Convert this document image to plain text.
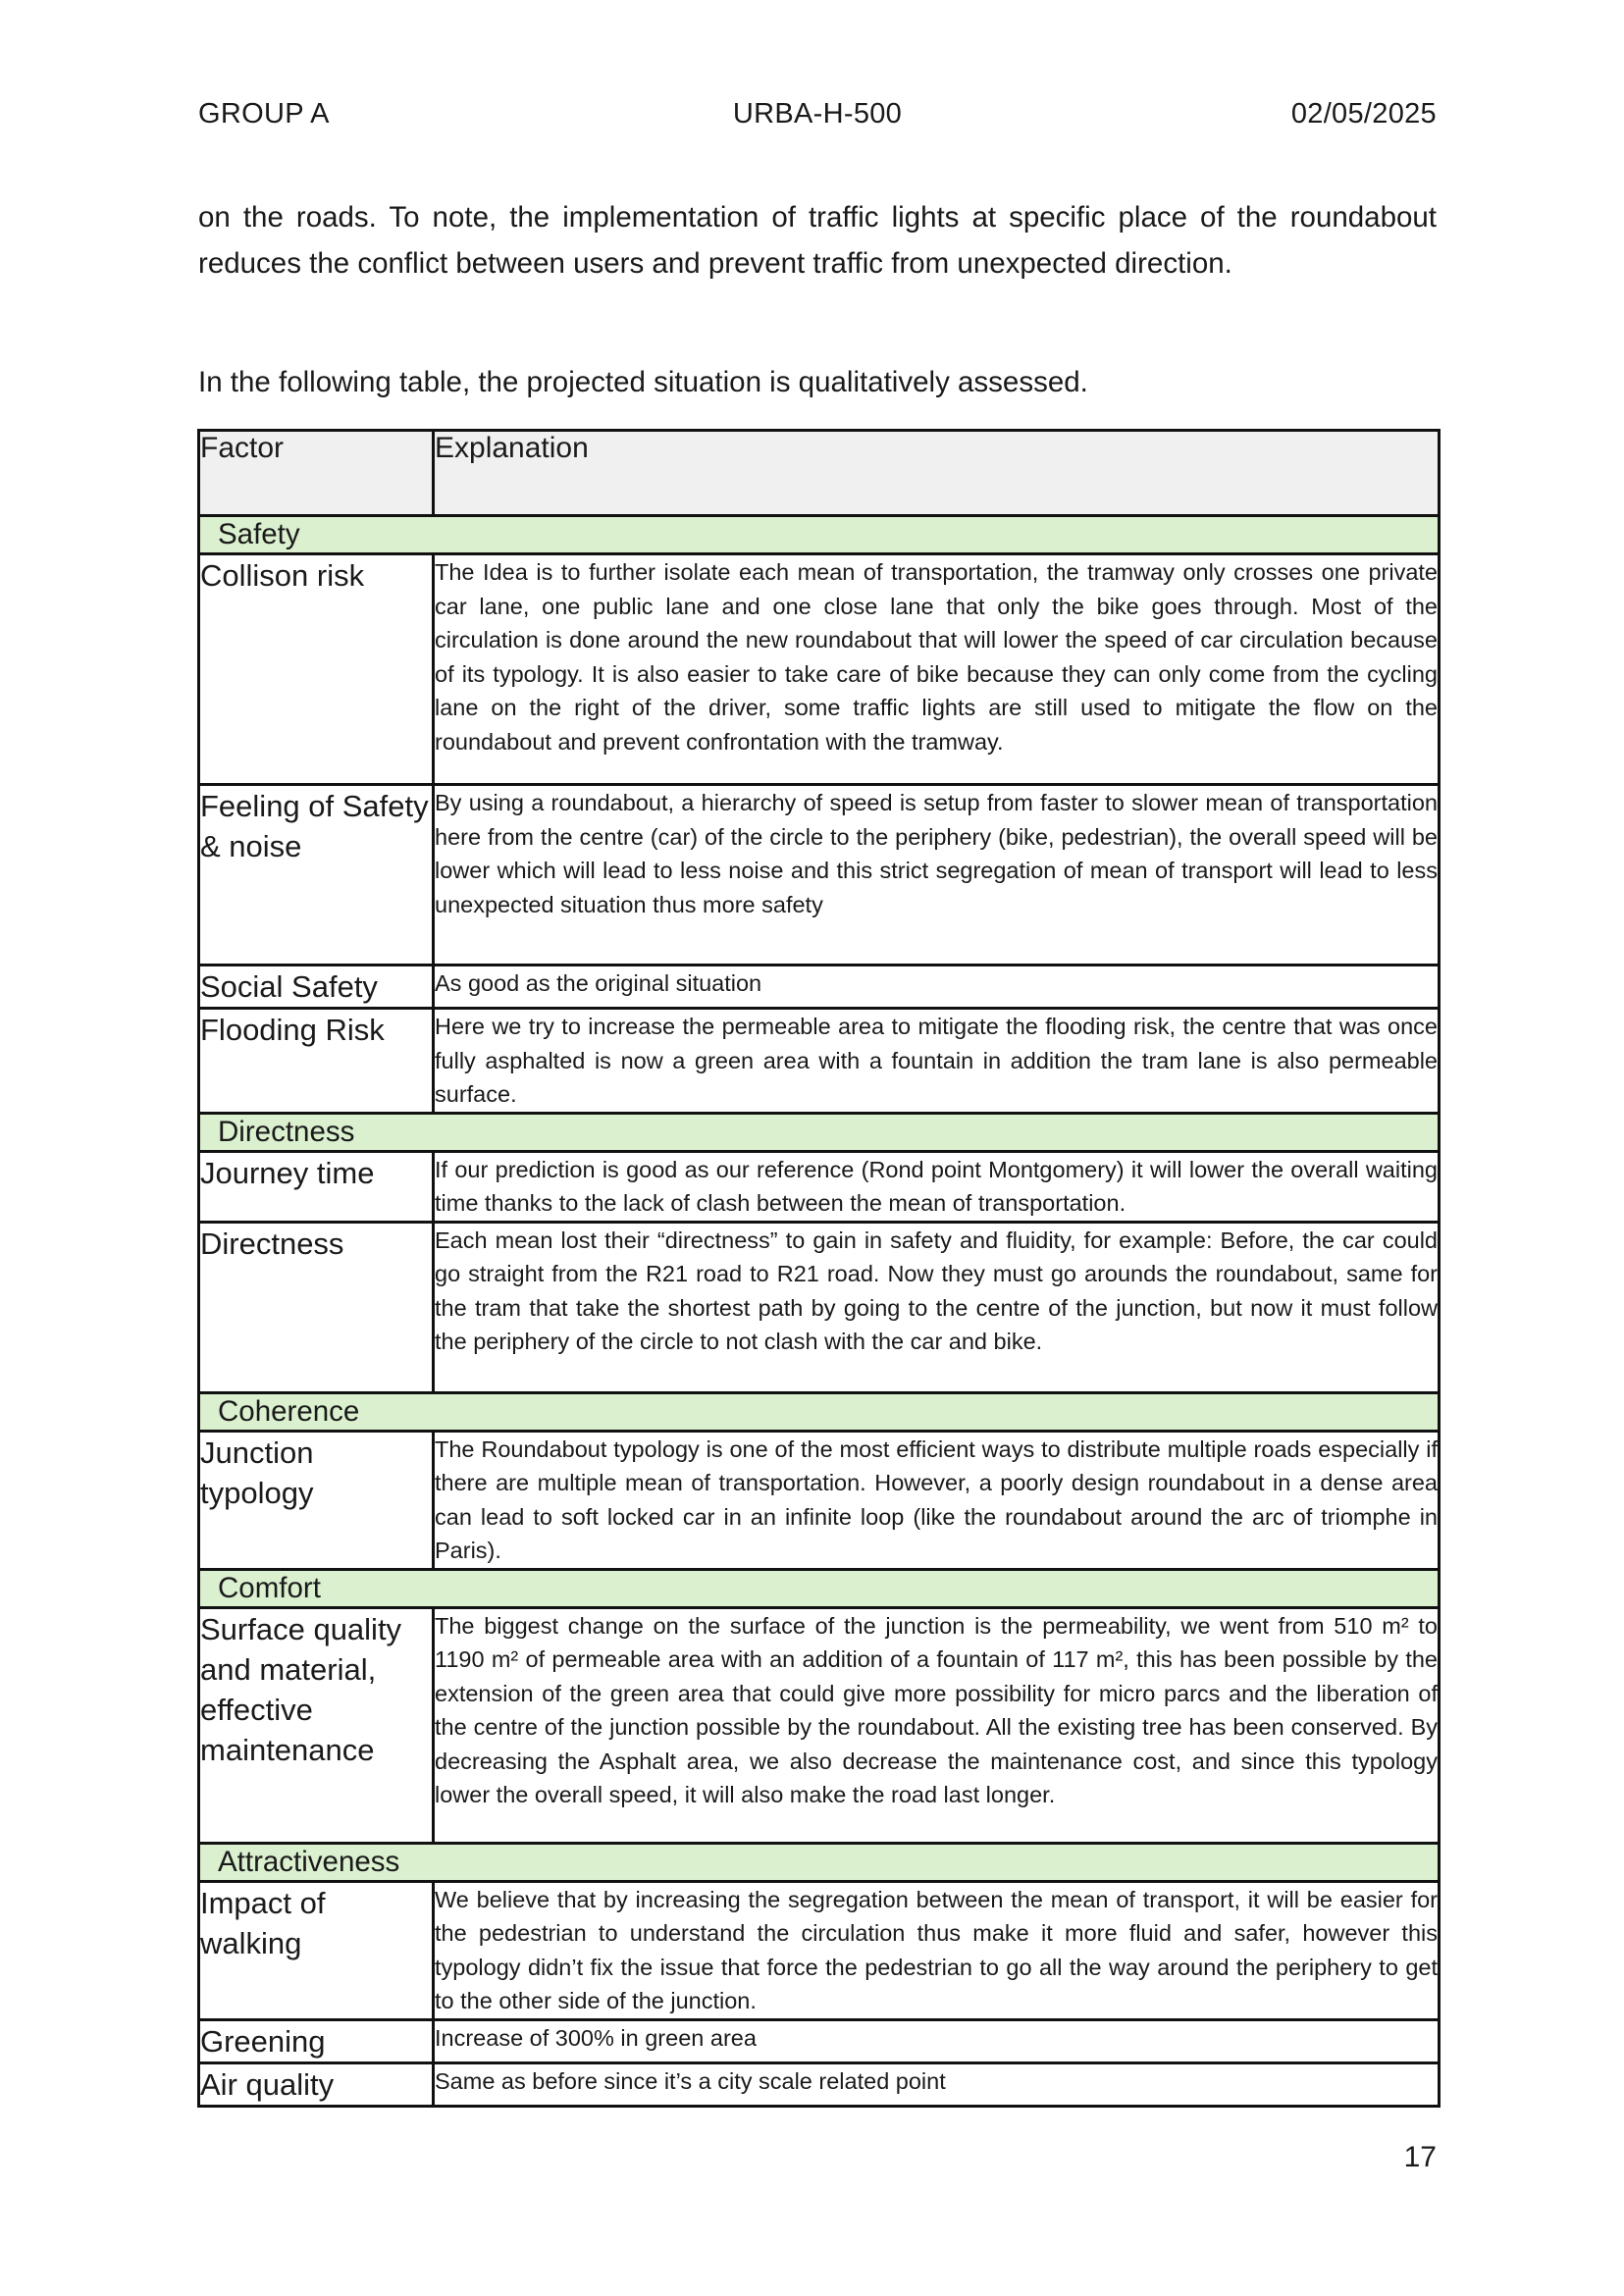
GROUP A	URBA-H-500	02/05/2025

on the roads. To note, the implementation of traffic lights at specific place of the roundabout reduces the conflict between users and prevent traffic from unexpected direction.

In the following table, the projected situation is qualitatively assessed.

Factor	Explanation
Safety	
Collison risk	The Idea is to further isolate each mean of transportation, the tramway only crosses one private car lane, one public lane and one close lane that only the bike goes through. Most of the circulation is done around the new roundabout that will lower the speed of car circulation because of its typology. It is also easier to take care of bike because they can only come from the cycling lane on the right of the driver, some traffic lights are still used to mitigate the flow on the roundabout and prevent confrontation with the tramway.
Feeling of Safety & noise	By using a roundabout, a hierarchy of speed is setup from faster to slower mean of transportation here from the centre (car) of the circle to the periphery (bike, pedestrian), the overall speed will be lower which will lead to less noise and this strict segregation of mean of transport will lead to less unexpected situation thus more safety
Social Safety	As good as the original situation
Flooding Risk	Here we try to increase the permeable area to mitigate the flooding risk, the centre that was once fully asphalted is now a green area with a fountain in addition the tram lane is also permeable surface.
Directness	
Journey time	If our prediction is good as our reference (Rond point Montgomery) it will lower the overall waiting time thanks to the lack of clash between the mean of transportation.
Directness	Each mean lost their “directness” to gain in safety and fluidity, for example: Before, the car could go straight from the R21 road to R21 road. Now they must go arounds the roundabout, same for the tram that take the shortest path by going to the centre of the junction, but now it must follow the periphery of the circle to not clash with the car and bike.
Coherence	
Junction typology	The Roundabout typology is one of the most efficient ways to distribute multiple roads especially if there are multiple mean of transportation. However, a poorly design roundabout in a dense area can lead to soft locked car in an infinite loop (like the roundabout around the arc of triomphe in Paris).
Comfort	
Surface quality and material, effective maintenance	The biggest change on the surface of the junction is the permeability, we went from 510 m² to 1190 m² of permeable area with an addition of a fountain of 117 m², this has been possible by the extension of the green area that could give more possibility for micro parcs and the liberation of the centre of the junction possible by the roundabout. All the existing tree has been conserved. By decreasing the Asphalt area, we also decrease the maintenance cost, and since this typology lower the overall speed, it will also make the road last longer.
Attractiveness	
Impact of walking	We believe that by increasing the segregation between the mean of transport, it will be easier for the pedestrian to understand the circulation thus make it more fluid and safer, however this typology didn’t fix the issue that force the pedestrian to go all the way around the periphery to get to the other side of the junction.
Greening	Increase of 300% in green area
Air quality	Same as before since it’s a city scale related point
17
